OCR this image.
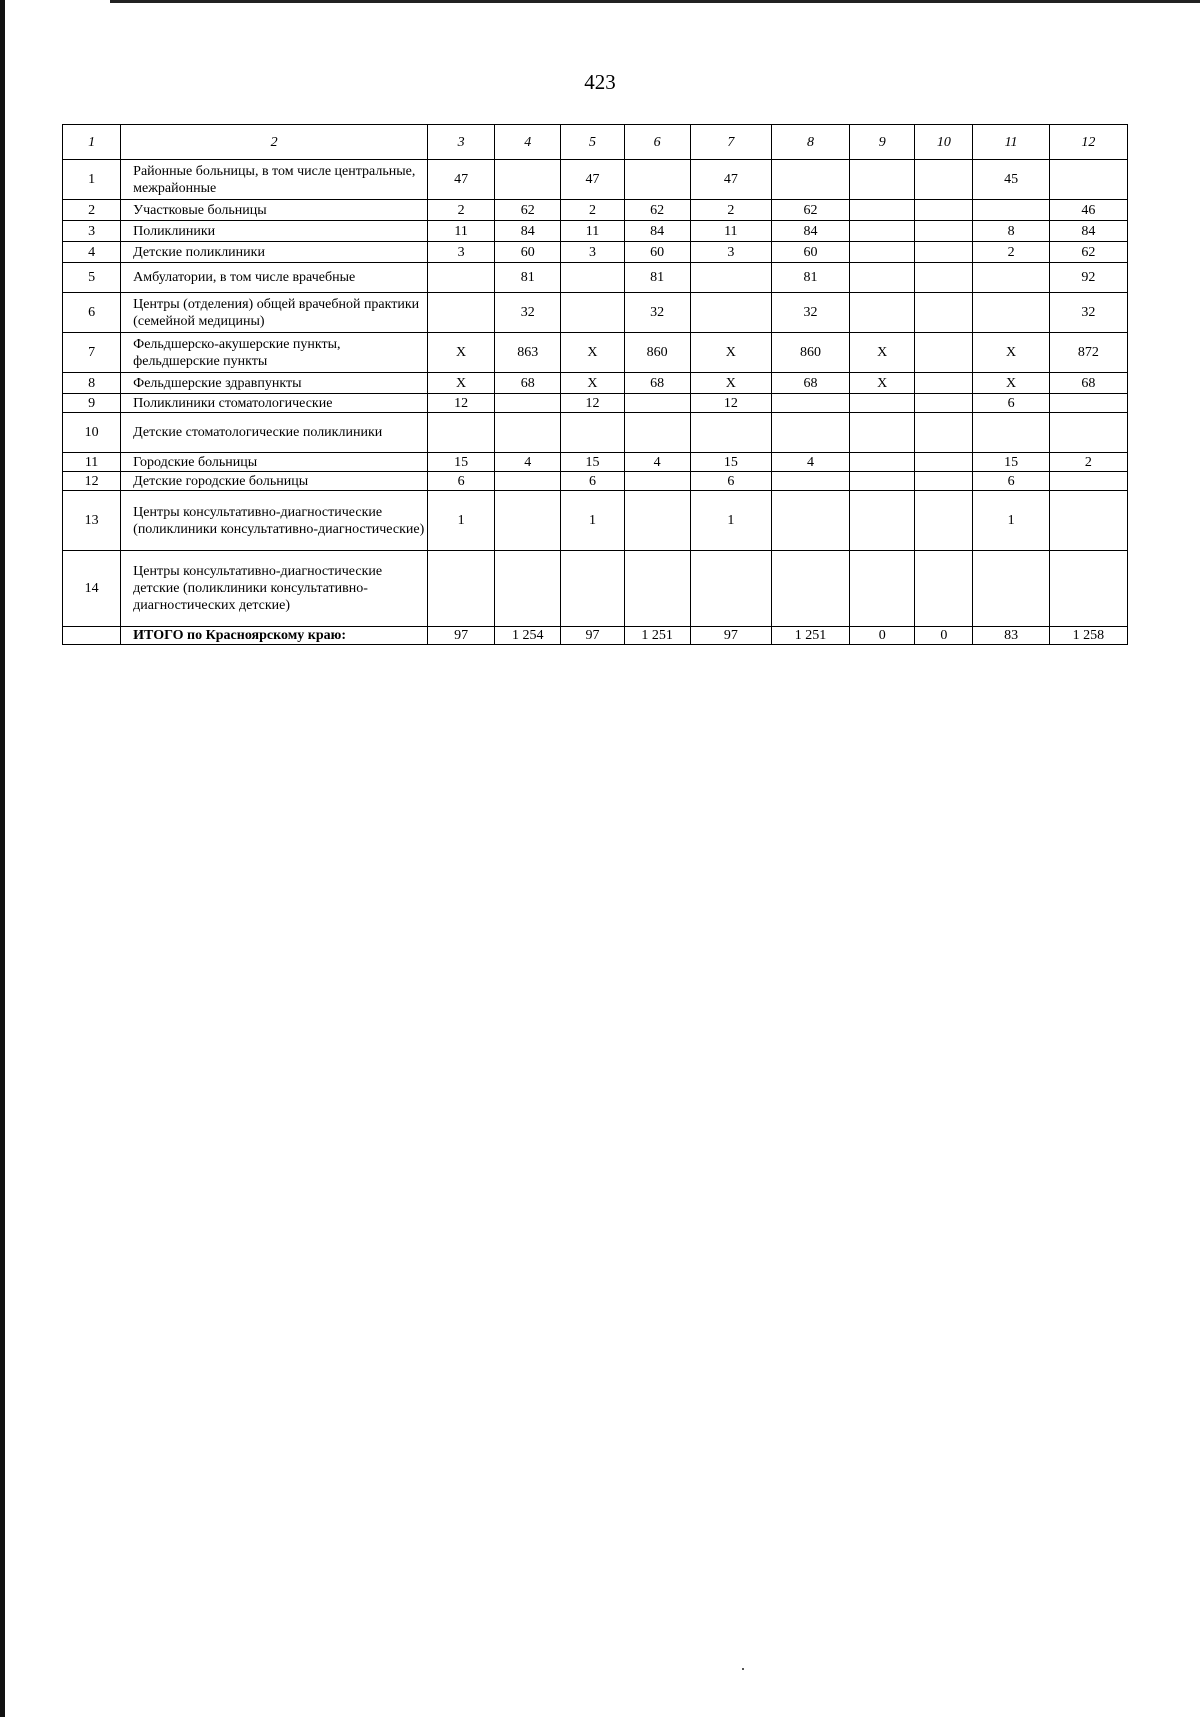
423
1	2	3	4	5	6	7	8	9	10	11	12
1	Районные больницы, в том числе центральные, межрайонные	47		47		47				45	
2	Участковые больницы	2	62	2	62	2	62				46
3	Поликлиники	11	84	11	84	11	84			8	84
4	Детские поликлиники	3	60	3	60	3	60			2	62
5	Амбулатории, в том числе врачебные		81		81		81				92
6	Центры (отделения) общей врачебной практики (семейной медицины)		32		32		32				32
7	Фельдшерско-акушерские пункты, фельдшерские пункты	X	863	X	860	X	860	X		X	872
8	Фельдшерские здравпункты	X	68	X	68	X	68	X		X	68
9	Поликлиники стоматологические	12		12		12				6	
10	Детские стоматологические поликлиники										
11	Городские больницы	15	4	15	4	15	4			15	2
12	Детские городские больницы	6		6		6				6	
13	Центры консультативно-диагностические (поликлиники консультативно-диагностические)	1		1		1				1	
14	Центры консультативно-диагностические детские (поликлиники консультативно-диагностических детские)										
	ИТОГО по Красноярскому краю:	97	1 254	97	1 251	97	1 251	0	0	83	1 258
